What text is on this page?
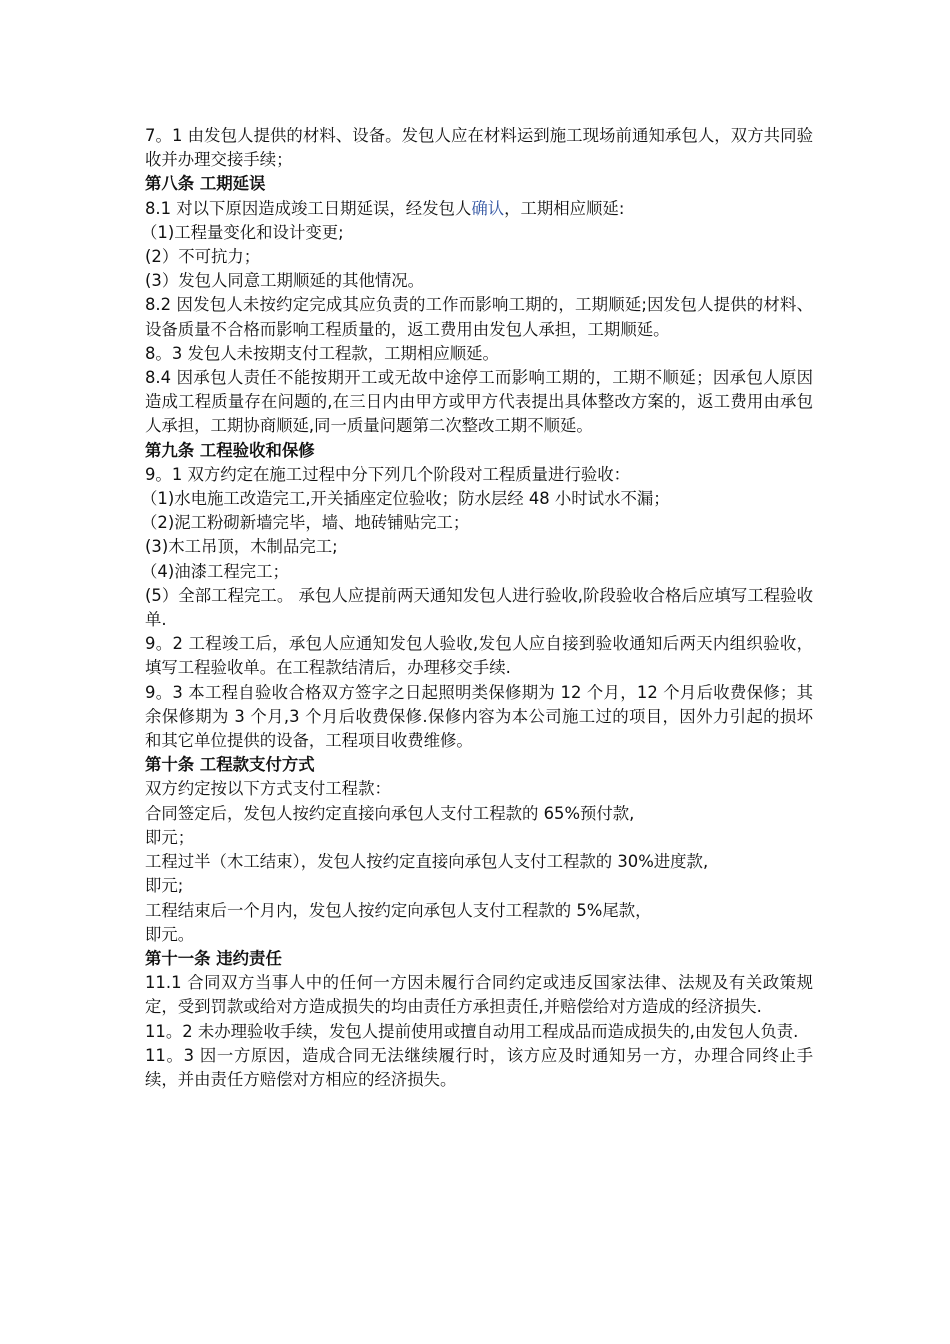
7。1 由发包人提供的材料、设备。发包人应在材料运到施工现场前通知承包人，双方共同验收并办理交接手续；

第八条 工期延误

8.1 对以下原因造成竣工日期延误，经发包人确认，工期相应顺延:

（1)工程量变化和设计变更;

(2）不可抗力；

(3）发包人同意工期顺延的其他情况。

8.2 因发包人未按约定完成其应负责的工作而影响工期的，工期顺延;因发包人提供的材料、设备质量不合格而影响工程质量的，返工费用由发包人承担，工期顺延。

8。3 发包人未按期支付工程款，工期相应顺延。

8.4 因承包人责任不能按期开工或无故中途停工而影响工期的，工期不顺延；因承包人原因造成工程质量存在问题的,在三日内由甲方或甲方代表提出具体整改方案的，返工费用由承包人承担，工期协商顺延,同一质量问题第二次整改工期不顺延。

第九条 工程验收和保修

9。1 双方约定在施工过程中分下列几个阶段对工程质量进行验收：

（1)水电施工改造完工,开关插座定位验收；防水层经 48 小时试水不漏；

（2)泥工粉砌新墙完毕，墙、地砖铺贴完工；

(3)木工吊顶，木制品完工;

（4)油漆工程完工；

(5）全部工程完工。 承包人应提前两天通知发包人进行验收,阶段验收合格后应填写工程验收单.

9。2 工程竣工后，承包人应通知发包人验收,发包人应自接到验收通知后两天内组织验收，填写工程验收单。在工程款结清后，办理移交手续.

9。3 本工程自验收合格双方签字之日起照明类保修期为 12 个月，12 个月后收费保修；其余保修期为 3 个月,3 个月后收费保修.保修内容为本公司施工过的项目，因外力引起的损坏和其它单位提供的设备，工程项目收费维修。

第十条 工程款支付方式

双方约定按以下方式支付工程款：

合同签定后，发包人按约定直接向承包人支付工程款的 65%预付款,

即元；

工程过半（木工结束），发包人按约定直接向承包人支付工程款的 30%进度款,

即元;

工程结束后一个月内，发包人按约定向承包人支付工程款的 5%尾款，

即元。

第十一条 违约责任

11.1 合同双方当事人中的任何一方因未履行合同约定或违反国家法律、法规及有关政策规定，受到罚款或给对方造成损失的均由责任方承担责任,并赔偿给对方造成的经济损失.

11。2 未办理验收手续，发包人提前使用或擅自动用工程成品而造成损失的,由发包人负责.

11。3 因一方原因，造成合同无法继续履行时，该方应及时通知另一方，办理合同终止手续，并由责任方赔偿对方相应的经济损失。
